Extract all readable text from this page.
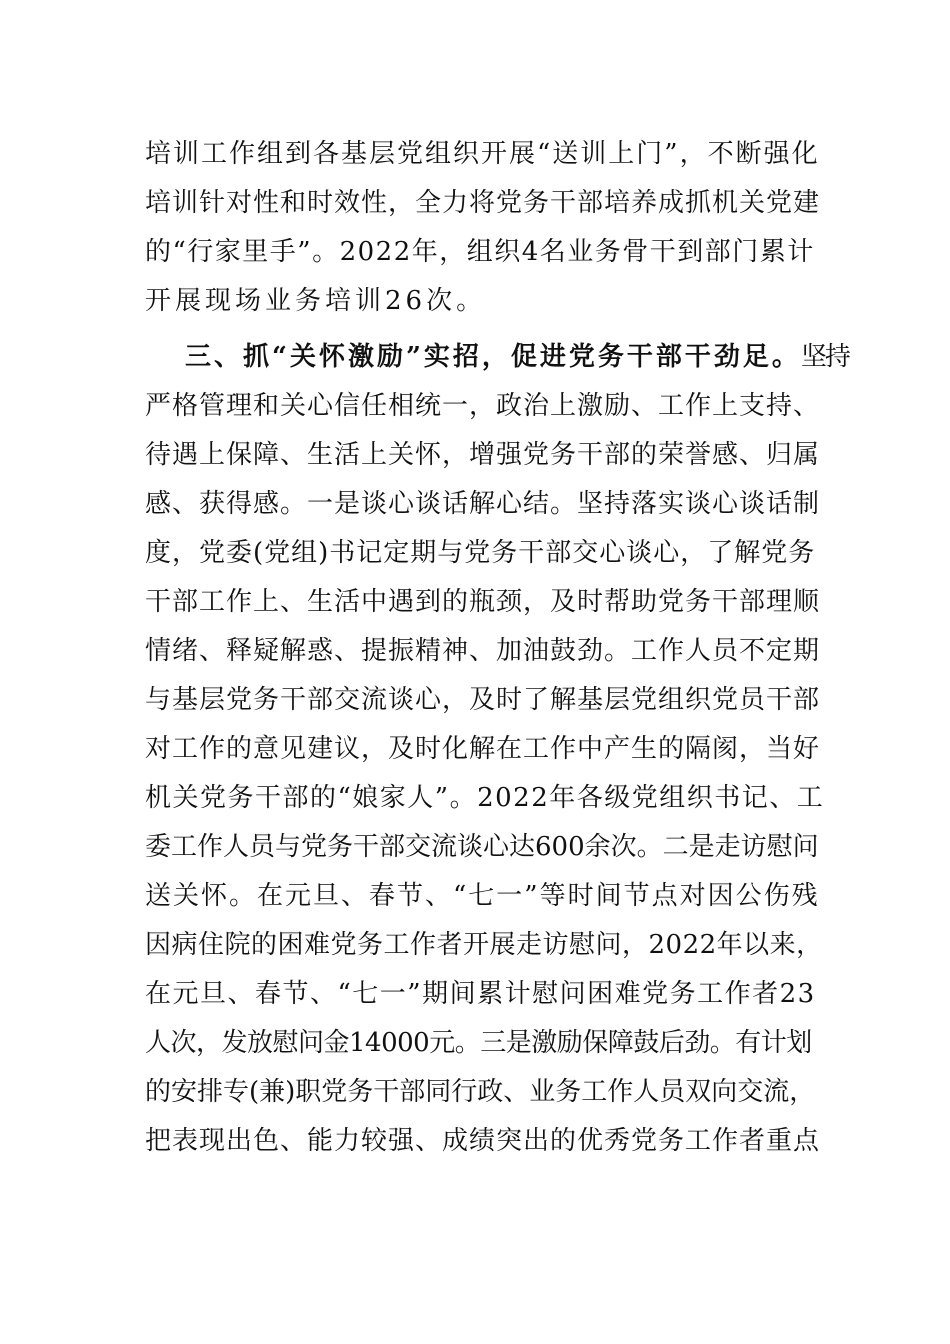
培训工作组到各基层党组织开展“送训上门”，不断强化
培训针对性和时效性，全力将党务干部培养成抓机关党建
的“行家里手”。2022年，组织4名业务骨干到部门累计
开展现场业务培训26次。
三、抓“关怀激励”实招，促进党务干部干劲足。坚持
严格管理和关心信任相统一，政治上激励、工作上支持、
待遇上保障、生活上关怀，增强党务干部的荣誉感、归属
感、获得感。一是谈心谈话解心结。坚持落实谈心谈话制
度，党委(党组)书记定期与党务干部交心谈心，了解党务
干部工作上、生活中遇到的瓶颈，及时帮助党务干部理顺
情绪、释疑解惑、提振精神、加油鼓劲。工作人员不定期
与基层党务干部交流谈心，及时了解基层党组织党员干部
对工作的意见建议，及时化解在工作中产生的隔阂，当好
机关党务干部的“娘家人”。2022年各级党组织书记、工
委工作人员与党务干部交流谈心达600余次。二是走访慰问
送关怀。在元旦、春节、“七一”等时间节点对因公伤残
因病住院的困难党务工作者开展走访慰问，2022年以来，
在元旦、春节、“七一”期间累计慰问困难党务工作者23
人次，发放慰问金14000元。三是激励保障鼓后劲。有计划
的安排专(兼)职党务干部同行政、业务工作人员双向交流，
把表现出色、能力较强、成绩突出的优秀党务工作者重点
